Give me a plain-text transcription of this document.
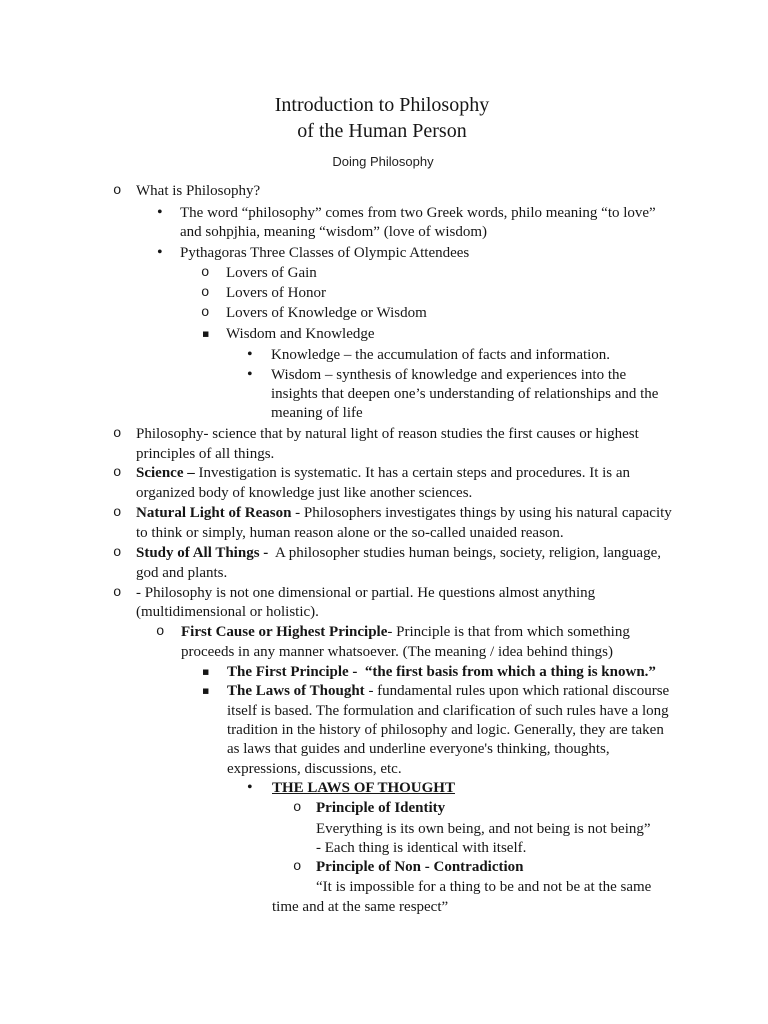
Introduction to Philosophy
of the Human Person
Doing Philosophy
o What is Philosophy?
• The word “philosophy” comes from two Greek words, philo meaning “to love”
and sohpjhia, meaning “wisdom” (love of wisdom)
• Pythagoras Three Classes of Olympic Attendees
o Lovers of Gain
o Lovers of Honor
o Lovers of Knowledge or Wisdom
▪ Wisdom and Knowledge
• Knowledge – the accumulation of facts and information.
• Wisdom – synthesis of knowledge and experiences into the
insights that deepen one’s understanding of relationships and the
meaning of life
o Philosophy- science that by natural light of reason studies the first causes or highest
principles of all things.
o Science – Investigation is systematic. It has a certain steps and procedures. It is an
organized body of knowledge just like another sciences.
o Natural Light of Reason - Philosophers investigates things by using his natural capacity
to think or simply, human reason alone or the so-called unaided reason.
o Study of All Things -  A philosopher studies human beings, society, religion, language,
god and plants.
o - Philosophy is not one dimensional or partial. He questions almost anything
(multidimensional or holistic).
o First Cause or Highest Principle- Principle is that from which something
proceeds in any manner whatsoever. (The meaning / idea behind things)
▪ The First Principle -  “the first basis from which a thing is known.”
▪ The Laws of Thought - fundamental rules upon which rational discourse
itself is based. The formulation and clarification of such rules have a long
tradition in the history of philosophy and logic. Generally, they are taken
as laws that guides and underline everyone's thinking, thoughts,
expressions, discussions, etc.
• THE LAWS OF THOUGHT
o Principle of Identity
Everything is its own being, and not being is not being”
- Each thing is identical with itself.
o Principle of Non - Contradiction
“It is impossible for a thing to be and not be at the same
time and at the same respect”
